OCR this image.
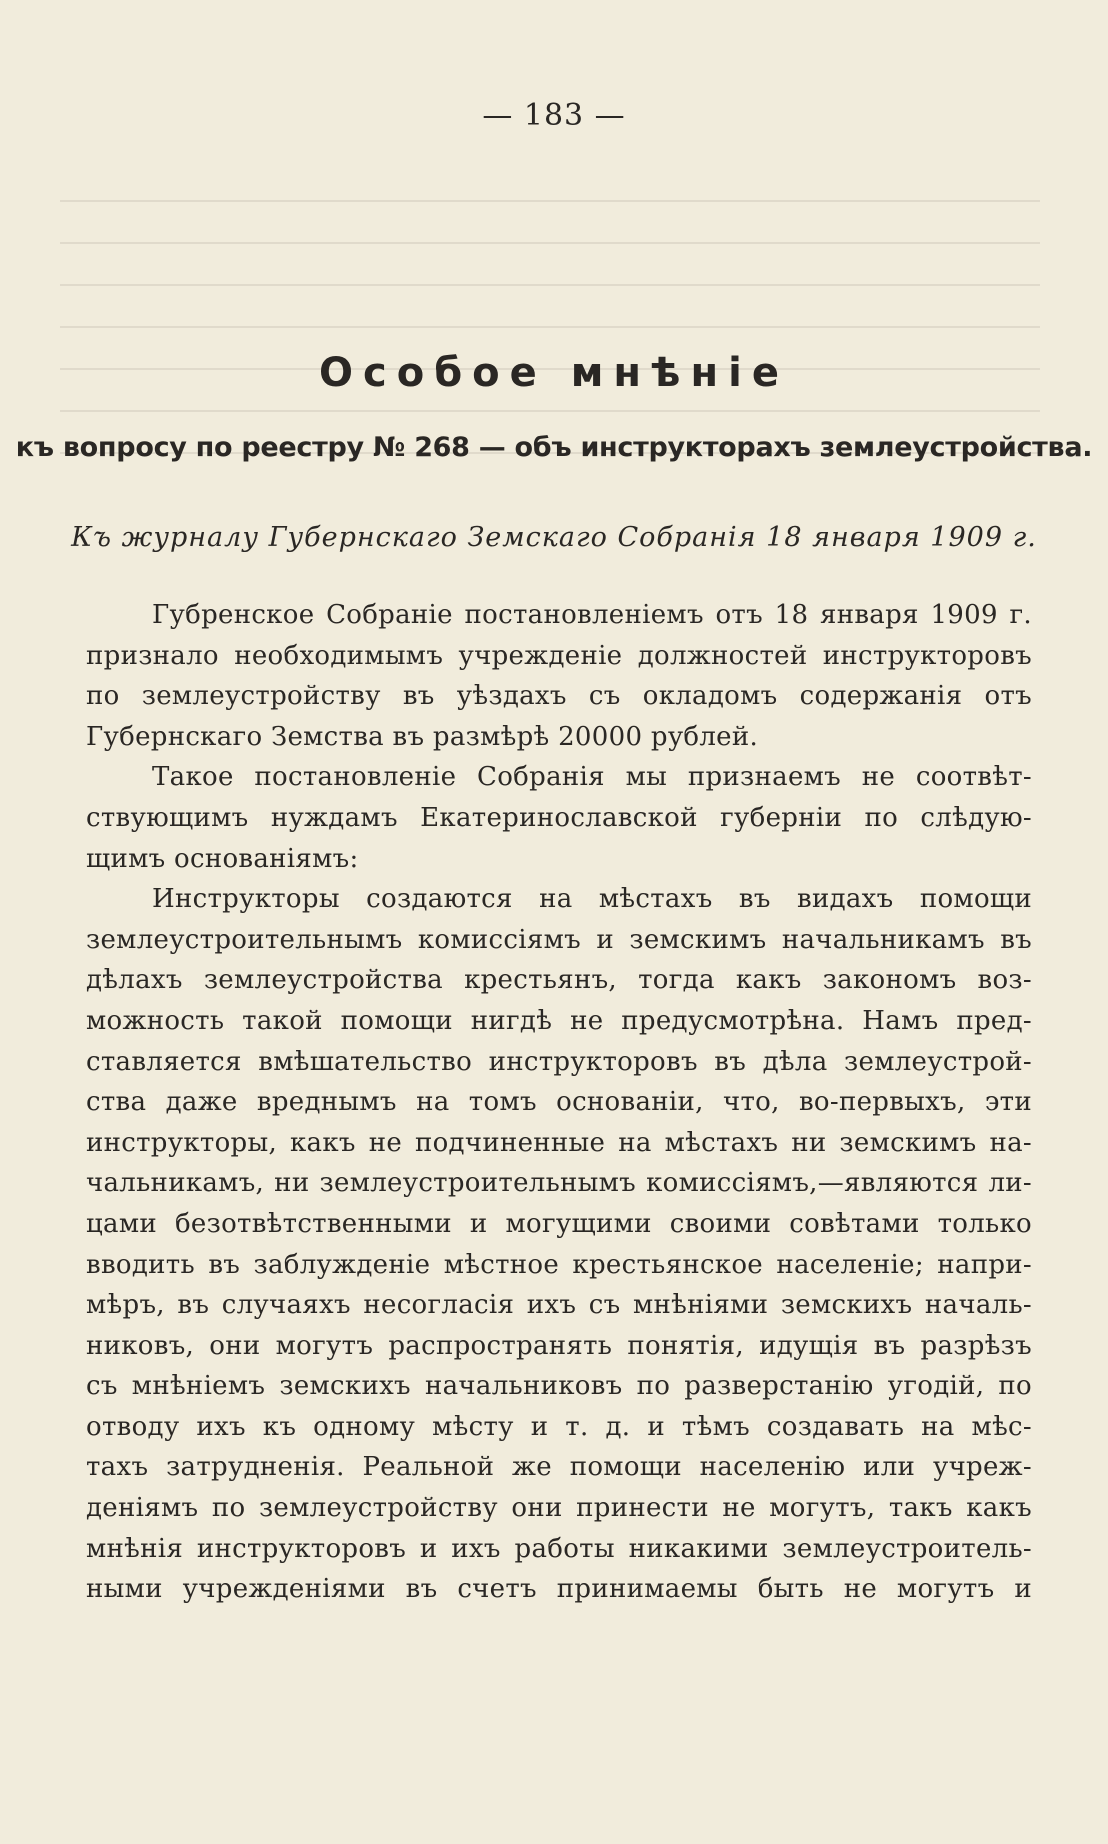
— 183 —
Особое мнѣніе
къ вопросу по реестру № 268 — объ инструкторахъ землеустройства.
Къ журналу Губернскаго Земскаго Собранія 18 января 1909 г.
Губренское Собраніе постановленіемъ отъ 18 января 1909 г.
признало необходимымъ учрежденіе должностей инструкторовъ
по землеустройству въ уѣздахъ съ окладомъ содержанія отъ
Губернскаго Земства въ размѣрѣ 20000 рублей.
Такое постановленіе Собранія мы признаемъ не соотвѣт-
ствующимъ нуждамъ Екатеринославской губерніи по слѣдую-
щимъ основаніямъ:
Инструкторы создаются на мѣстахъ въ видахъ помощи
землеустроительнымъ комиссіямъ и земскимъ начальникамъ въ
дѣлахъ землеустройства крестьянъ, тогда какъ закономъ воз-
можность такой помощи нигдѣ не предусмотрѣна. Намъ пред-
ставляется вмѣшательство инструкторовъ въ дѣла землеустрой-
ства даже вреднымъ на томъ основаніи, что, во-первыхъ, эти
инструкторы, какъ не подчиненные на мѣстахъ ни земскимъ на-
чальникамъ, ни землеустроительнымъ комиссіямъ,—являются ли-
цами безотвѣтственными и могущими своими совѣтами только
вводить въ заблужденіе мѣстное крестьянское населеніе; напри-
мѣръ, въ случаяхъ несогласія ихъ съ мнѣніями земскихъ началь-
никовъ, они могутъ распространять понятія, идущія въ разрѣзъ
съ мнѣніемъ земскихъ начальниковъ по разверстанію угодій, по
отводу ихъ къ одному мѣсту и т. д. и тѣмъ создавать на мѣс-
тахъ затрудненія. Реальной же помощи населенію или учреж-
деніямъ по землеустройству они принести не могутъ, такъ какъ
мнѣнія инструкторовъ и ихъ работы никакими землеустроитель-
ными учрежденіями въ счетъ принимаемы быть не могутъ и
